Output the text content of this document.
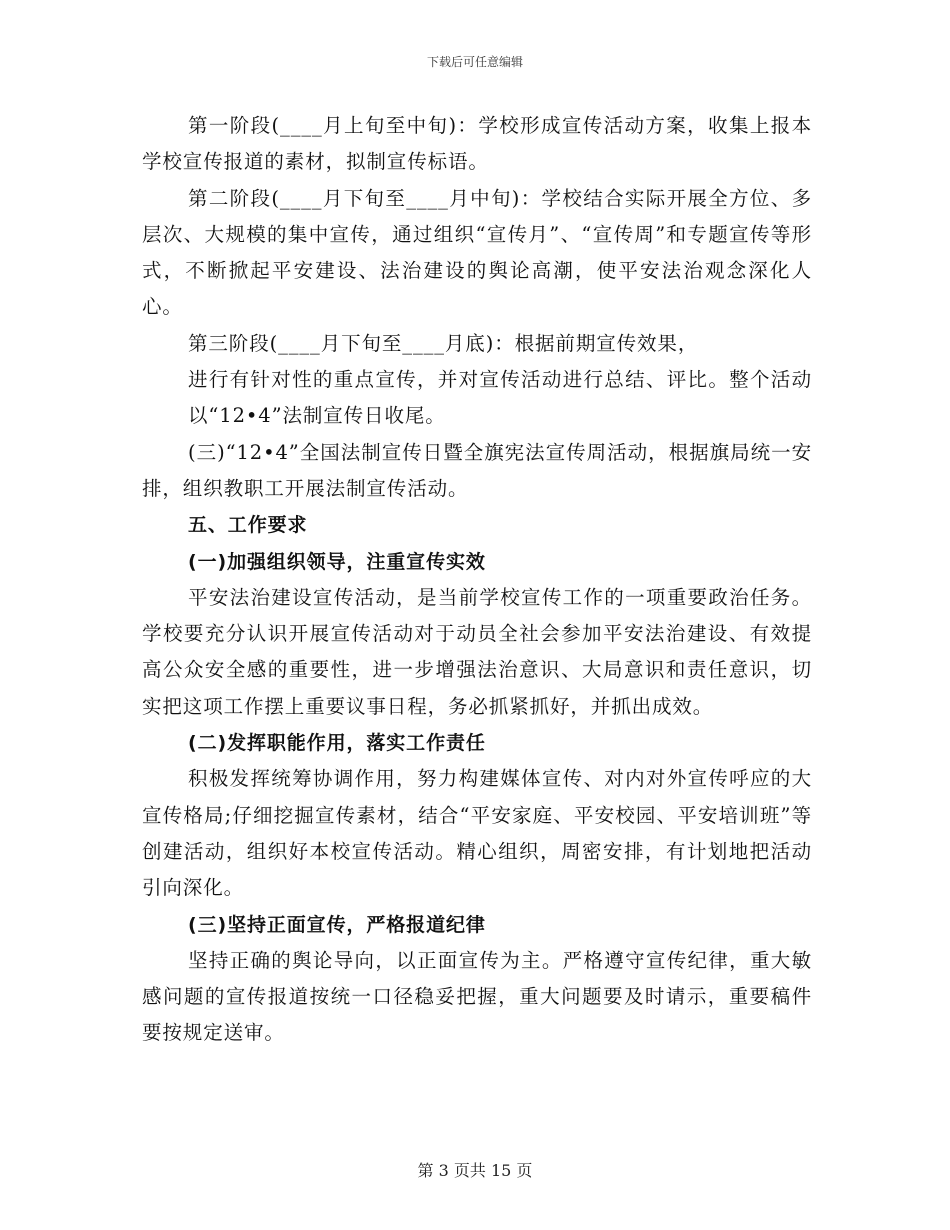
下载后可任意编辑

第一阶段(____月上旬至中旬)：学校形成宣传活动方案，收集上报本学校宣传报道的素材，拟制宣传标语。

第二阶段(____月下旬至____月中旬)：学校结合实际开展全方位、多层次、大规模的集中宣传，通过组织“宣传月”、“宣传周”和专题宣传等形式，不断掀起平安建设、法治建设的舆论高潮，使平安法治观念深化人心。

第三阶段(____月下旬至____月底)：根据前期宣传效果，

进行有针对性的重点宣传，并对宣传活动进行总结、评比。整个活动以“12•4”法制宣传日收尾。

(三)“12•4”全国法制宣传日暨全旗宪法宣传周活动，根据旗局统一安排，组织教职工开展法制宣传活动。

五、工作要求

(一)加强组织领导，注重宣传实效

平安法治建设宣传活动，是当前学校宣传工作的一项重要政治任务。学校要充分认识开展宣传活动对于动员全社会参加平安法治建设、有效提高公众安全感的重要性，进一步增强法治意识、大局意识和责任意识，切实把这项工作摆上重要议事日程，务必抓紧抓好，并抓出成效。

(二)发挥职能作用，落实工作责任

积极发挥统筹协调作用，努力构建媒体宣传、对内对外宣传呼应的大宣传格局;仔细挖掘宣传素材，结合“平安家庭、平安校园、平安培训班”等创建活动，组织好本校宣传活动。精心组织，周密安排，有计划地把活动引向深化。

(三)坚持正面宣传，严格报道纪律

坚持正确的舆论导向，以正面宣传为主。严格遵守宣传纪律，重大敏感问题的宣传报道按统一口径稳妥把握，重大问题要及时请示，重要稿件要按规定送审。

第 3 页共 15 页
